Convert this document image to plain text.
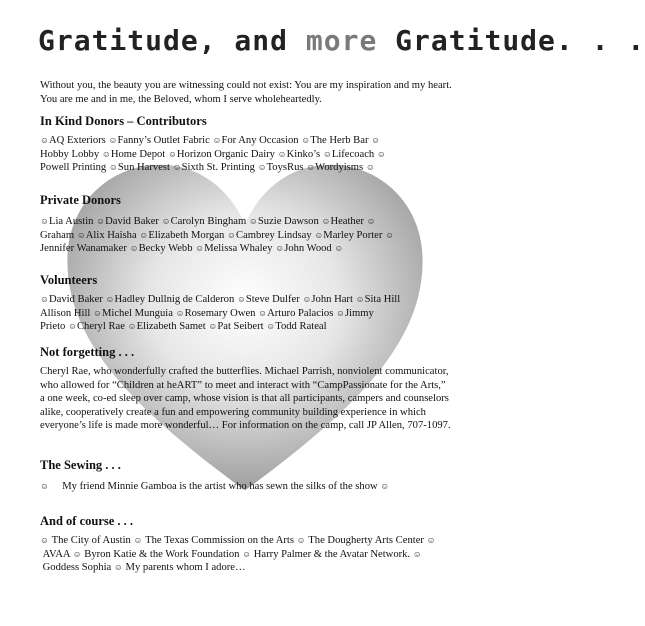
Gratitude, and more Gratitude. . .

Without you, the beauty you are witnessing could not exist: You are my inspiration and my heart. You are me and in me, the Beloved, whom I serve wholeheartedly.

In Kind Donors – Contributors
☺AQ Exteriors ☺Fanny’s Outlet Fabric ☺For Any Occasion ☺The Herb Bar ☺
Hobby Lobby ☺Home Depot ☺Horizon Organic Dairy ☺Kinko’s ☺Lifecoach ☺
Powell Printing ☺Sun Harvest ☺Sixth St. Printing ☺ToysRus ☺Wordyisms ☺
Private Donors
☺Lia Austin ☺David Baker ☺Carolyn Bingham ☺Suzie Dawson ☺Heather ☺
Graham ☺Alix Haisha ☺Elizabeth Morgan ☺Cambrey Lindsay ☺Marley Porter ☺
Jennifer Wanamaker ☺Becky Webb ☺Melissa Whaley ☺John Wood ☺
Volunteers
☺David Baker ☺Hadley Dullnig de Calderon ☺Steve Dulfer ☺John Hart ☺Sita Hill
Allison Hill ☺Michel Munguia ☺Rosemary Owen ☺Arturo Palacios ☺Jimmy
Prieto ☺Cheryl Rae ☺Elizabeth Samet ☺Pat Seibert ☺Todd Rateal
Not forgetting . . .

Cheryl Rae, who wonderfully crafted the butterflies. Michael Parrish, nonviolent communicator, who allowed for “Children at heART” to meet and interact with “CampPassionate for the Arts,” a one week, co-ed sleep over camp, whose vision is that all participants, campers and counselors alike, cooperatively create a fun and empowering community building experience in which everyone’s life is made more wonderful… For information on the camp, call JP Allen, 707-1097.

The Sewing . . .

☺ My friend Minnie Gamboa is the artist who has sewn the silks of the show ☺

And of course . . .

☺ The City of Austin ☺ The Texas Commission on the Arts ☺ The Dougherty Arts Center ☺ AVAA ☺ Byron Katie & the Work Foundation ☺ Harry Palmer & the Avatar Network. ☺ Goddess Sophia ☺ My parents whom I adore…
